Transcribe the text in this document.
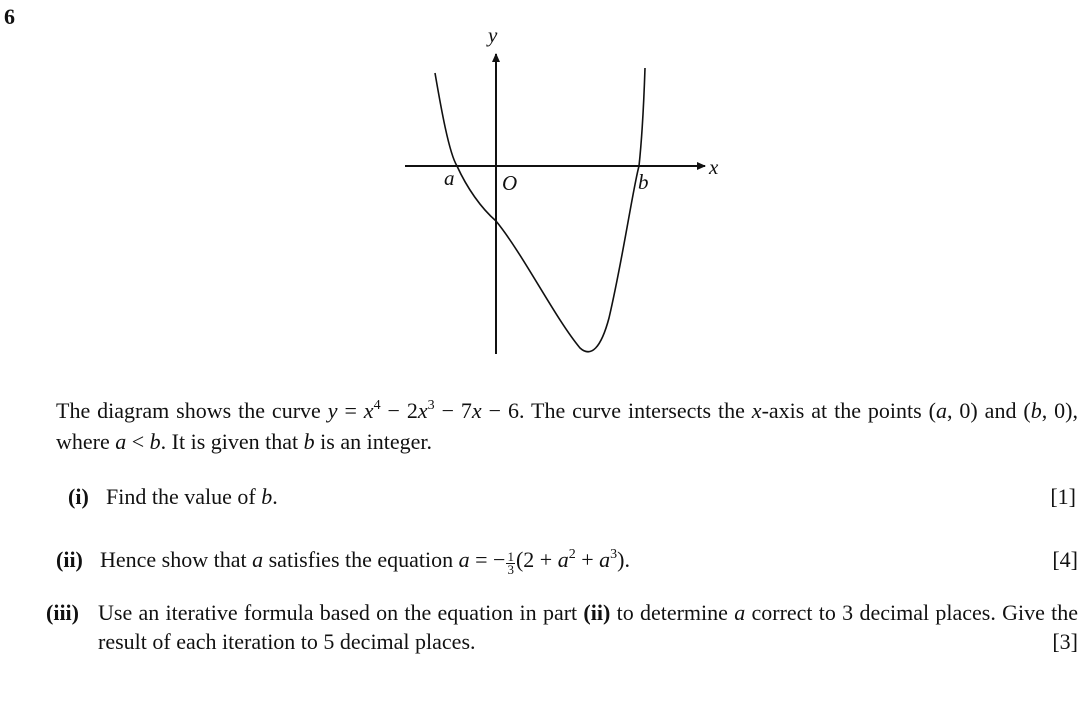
6
y
x
O
a	b
The diagram shows the curve $y = x^4 - 2x^3 - 7x - 6$. The curve intersects the x-axis at the points (a, 0) and (b, 0), where a < b. It is given that b is an integer.
(i) Find the value of b.	[1]
(ii) Hence show that a satisfies the equation a = − $\frac{1}{3} (2 + a^2 + a^3)$.	[4]
(iii) Use an iterative formula based on the equation in part (ii) to determine a correct to 3 decimal places. Give the result of each iteration to 5 decimal places.	[3]
